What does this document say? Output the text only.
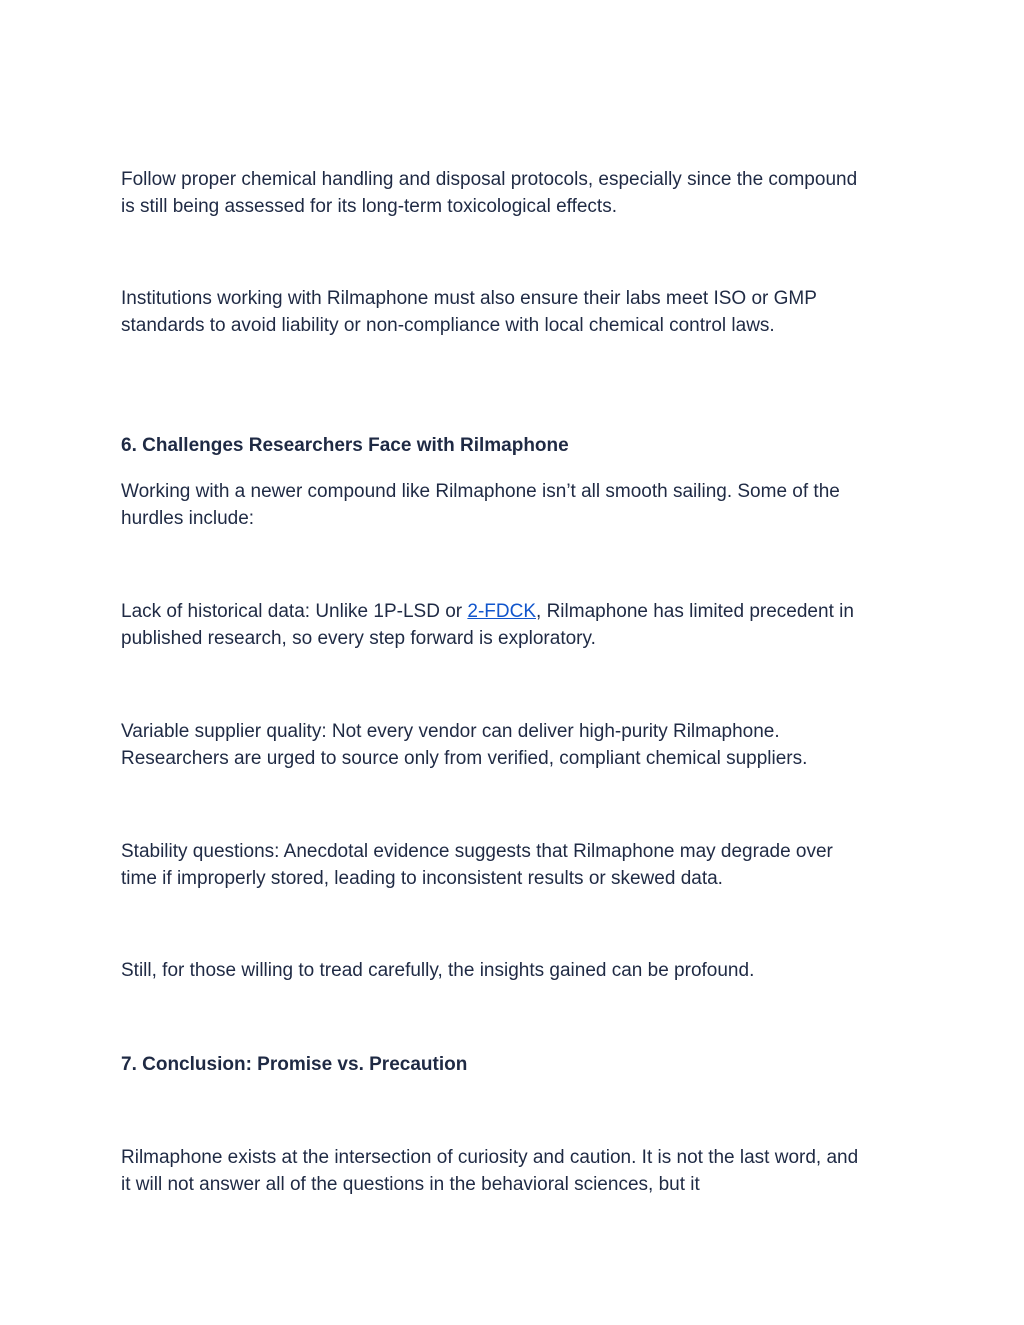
Follow proper chemical handling and disposal protocols, especially since the compound is still being assessed for its long-term toxicological effects.

Institutions working with Rilmaphone must also ensure their labs meet ISO or GMP standards to avoid liability or non-compliance with local chemical control laws.

6. Challenges Researchers Face with Rilmaphone

Working with a newer compound like Rilmaphone isn’t all smooth sailing. Some of the hurdles include:

Lack of historical data: Unlike 1P-LSD or 2-FDCK, Rilmaphone has limited precedent in published research, so every step forward is exploratory.

Variable supplier quality: Not every vendor can deliver high-purity Rilmaphone. Researchers are urged to source only from verified, compliant chemical suppliers.

Stability questions: Anecdotal evidence suggests that Rilmaphone may degrade over time if improperly stored, leading to inconsistent results or skewed data.

Still, for those willing to tread carefully, the insights gained can be profound.

7. Conclusion: Promise vs. Precaution

Rilmaphone exists at the intersection of curiosity and caution. It is not the last word, and it will not answer all of the questions in the behavioral sciences, but it
